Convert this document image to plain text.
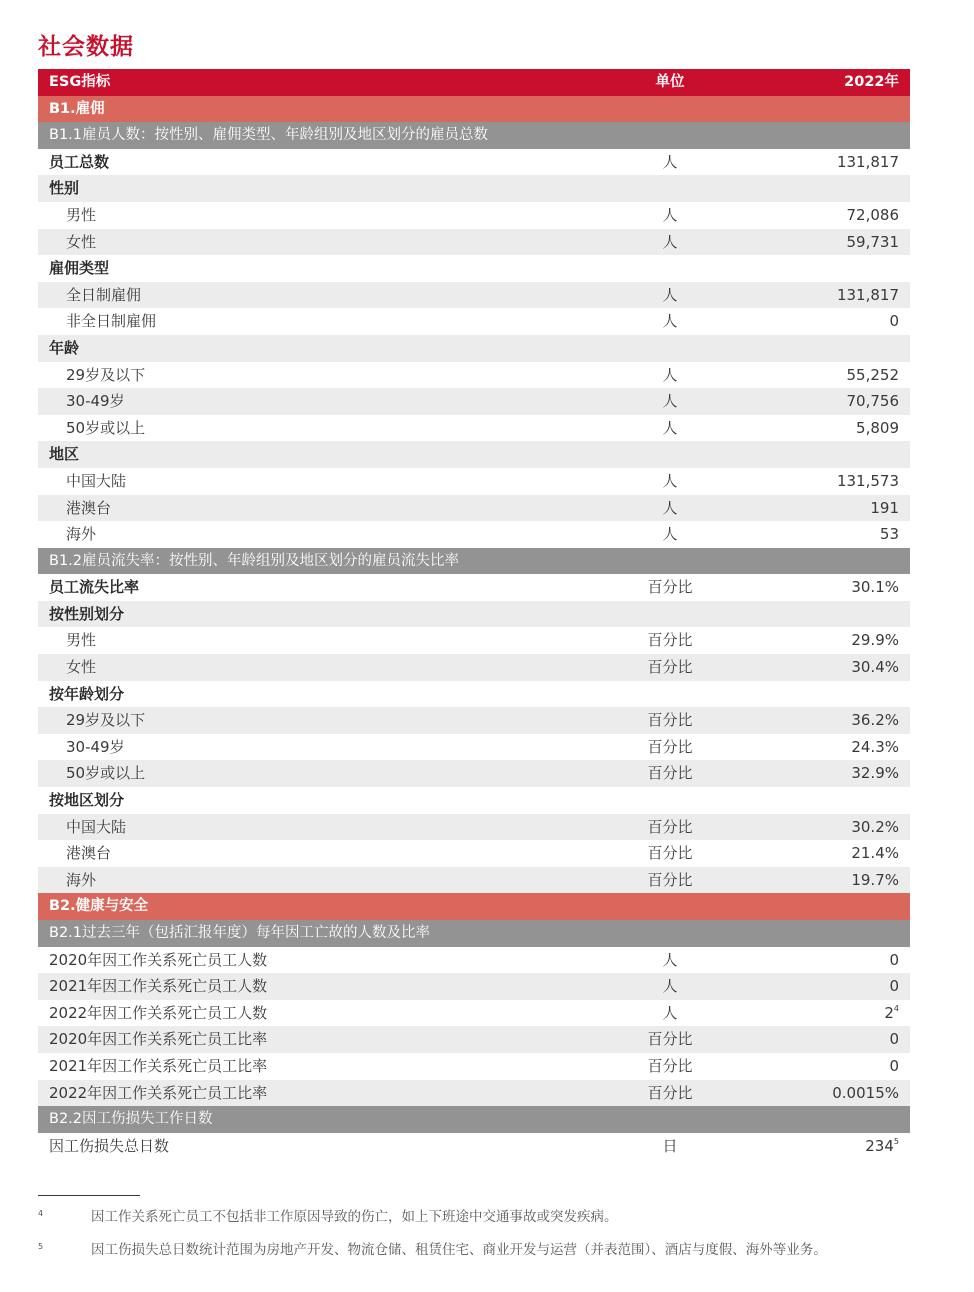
社会数据
ESG指标	单位	2022年
B1.雇佣
B1.1雇员人数：按性别、雇佣类型、年龄组别及地区划分的雇员总数
员工总数	人	131,817
性别
男性	人	72,086
女性	人	59,731
雇佣类型
全日制雇佣	人	131,817
非全日制雇佣	人	0
年龄
29岁及以下	人	55,252
30-49岁	人	70,756
50岁或以上	人	5,809
地区
中国大陆	人	131,573
港澳台	人	191
海外	人	53
B1.2雇员流失率：按性别、年龄组别及地区划分的雇员流失比率
员工流失比率	百分比	30.1%
按性别划分
男性	百分比	29.9%
女性	百分比	30.4%
按年龄划分
29岁及以下	百分比	36.2%
30-49岁	百分比	24.3%
50岁或以上	百分比	32.9%
按地区划分
中国大陆	百分比	30.2%
港澳台	百分比	21.4%
海外	百分比	19.7%
B2.健康与安全
B2.1过去三年（包括汇报年度）每年因工亡故的人数及比率
2020年因工作关系死亡员工人数	人	0
2021年因工作关系死亡员工人数	人	0
2022年因工作关系死亡员工人数	人	$2^4$
2020年因工作关系死亡员工比率	百分比	0
2021年因工作关系死亡员工比率	百分比	0
2022年因工作关系死亡员工比率	百分比	0.0015%
B2.2因工伤损失工作日数
因工伤损失总日数	日	$234^5$
4	因工作关系死亡员工不包括非工作原因导致的伤亡，如上下班途中交通事故或突发疾病。
5	因工伤损失总日数统计范围为房地产开发、物流仓储、租赁住宅、商业开发与运营（并表范围）、酒店与度假、海外等业务。
